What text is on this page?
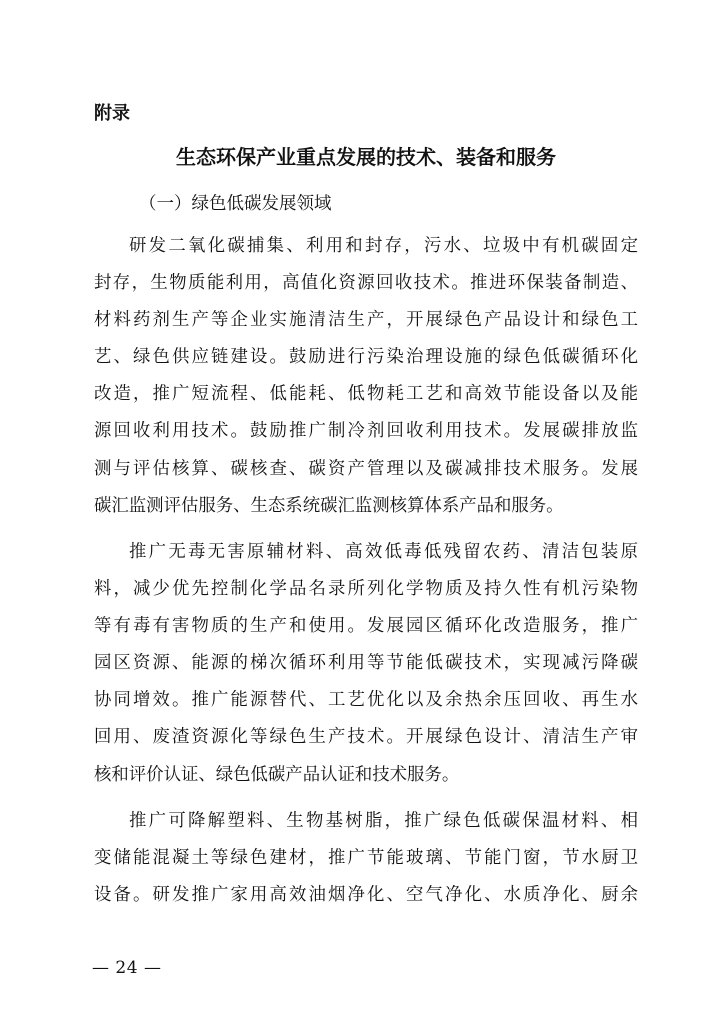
附录
生态环保产业重点发展的技术、装备和服务
（一）绿色低碳发展领域
研发二氧化碳捕集、利用和封存，污水、垃圾中有机碳固定
封存，生物质能利用，高值化资源回收技术。推进环保装备制造、
材料药剂生产等企业实施清洁生产，开展绿色产品设计和绿色工
艺、绿色供应链建设。鼓励进行污染治理设施的绿色低碳循环化
改造，推广短流程、低能耗、低物耗工艺和高效节能设备以及能
源回收利用技术。鼓励推广制冷剂回收利用技术。发展碳排放监
测与评估核算、碳核查、碳资产管理以及碳减排技术服务。发展
碳汇监测评估服务、生态系统碳汇监测核算体系产品和服务。
推广无毒无害原辅材料、高效低毒低残留农药、清洁包装原
料，减少优先控制化学品名录所列化学物质及持久性有机污染物
等有毒有害物质的生产和使用。发展园区循环化改造服务，推广
园区资源、能源的梯次循环利用等节能低碳技术，实现减污降碳
协同增效。推广能源替代、工艺优化以及余热余压回收、再生水
回用、废渣资源化等绿色生产技术。开展绿色设计、清洁生产审
核和评价认证、绿色低碳产品认证和技术服务。
推广可降解塑料、生物基树脂，推广绿色低碳保温材料、相
变储能混凝土等绿色建材，推广节能玻璃、节能门窗，节水厨卫
设备。研发推广家用高效油烟净化、空气净化、水质净化、厨余
— 24 —
